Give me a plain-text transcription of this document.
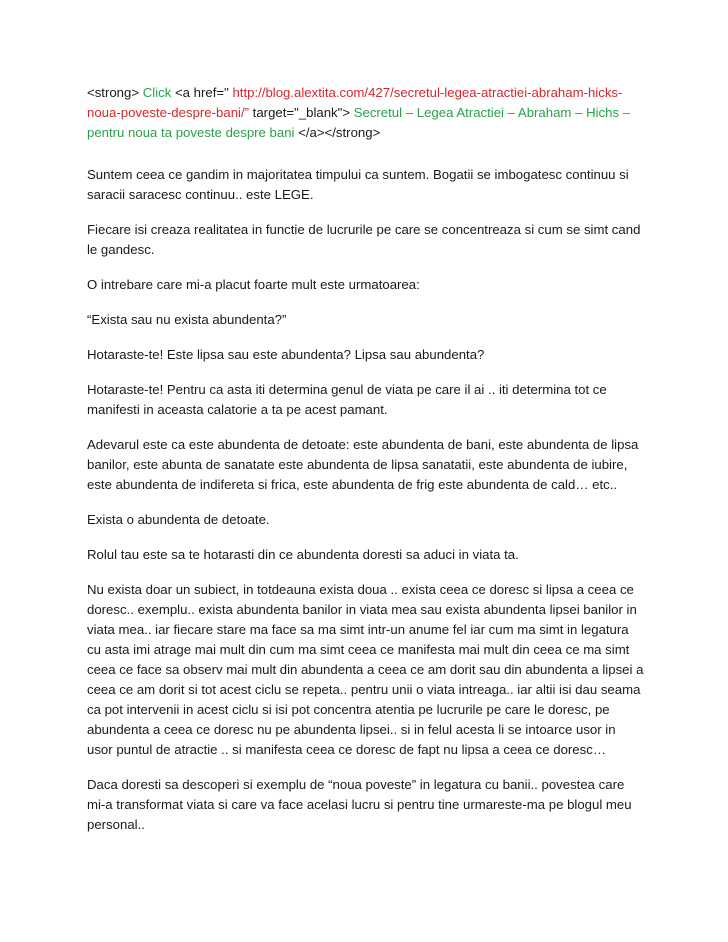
<strong> Click <a href=" http://blog.alextita.com/427/secretul-legea-atractiei-abraham-hicks-noua-poveste-despre-bani/” target="_blank"> Secretul – Legea Atractiei – Abraham – Hichs – pentru noua ta poveste despre bani </a></strong>

Suntem ceea ce gandim in majoritatea timpului ca suntem. Bogatii se imbogatesc continuu si saracii saracesc continuu.. este LEGE.

Fiecare isi creaza realitatea in functie de lucrurile pe care se concentreaza si cum se simt cand le gandesc.

O intrebare care mi-a placut foarte mult este urmatoarea:

“Exista sau nu exista abundenta?”

Hotaraste-te! Este lipsa sau este abundenta? Lipsa sau abundenta?

Hotaraste-te! Pentru ca asta iti determina genul de viata pe care il ai .. iti determina tot ce manifesti in aceasta calatorie a ta pe acest pamant.

Adevarul este ca este abundenta de detoate: este abundenta de bani, este abundenta de lipsa banilor, este abunta de sanatate este abundenta de lipsa sanatatii, este abundenta de iubire, este abundenta de indifereta si frica, este abundenta de frig este abundenta de cald… etc..

Exista o abundenta de detoate.

Rolul tau este sa te hotarasti din ce abundenta doresti sa aduci in viata ta.

Nu exista doar un subiect, in totdeauna exista doua .. exista ceea ce doresc si lipsa a ceea ce doresc.. exemplu.. exista abundenta banilor in viata mea sau exista abundenta lipsei banilor in viata mea.. iar fiecare stare ma face sa ma simt intr-un anume fel iar cum ma simt in legatura cu asta imi atrage mai mult din cum ma simt ceea ce manifesta mai mult din ceea ce ma simt ceea ce face sa observ mai mult din abundenta a ceea ce am dorit sau din abundenta a lipsei a ceea ce am dorit si tot acest ciclu se repeta.. pentru unii o viata intreaga.. iar altii isi dau seama ca pot intervenii in acest ciclu si isi pot concentra atentia pe lucrurile pe care le doresc, pe abundenta a ceea ce doresc nu pe abundenta lipsei.. si in felul acesta li se intoarce usor in usor puntul de atractie .. si manifesta ceea ce doresc de fapt nu lipsa a ceea ce doresc…

Daca doresti sa descoperi si exemplu de “noua poveste” in legatura cu banii.. povestea care mi-a transformat viata si care va face acelasi lucru si pentru tine urmareste-ma pe blogul meu personal..
